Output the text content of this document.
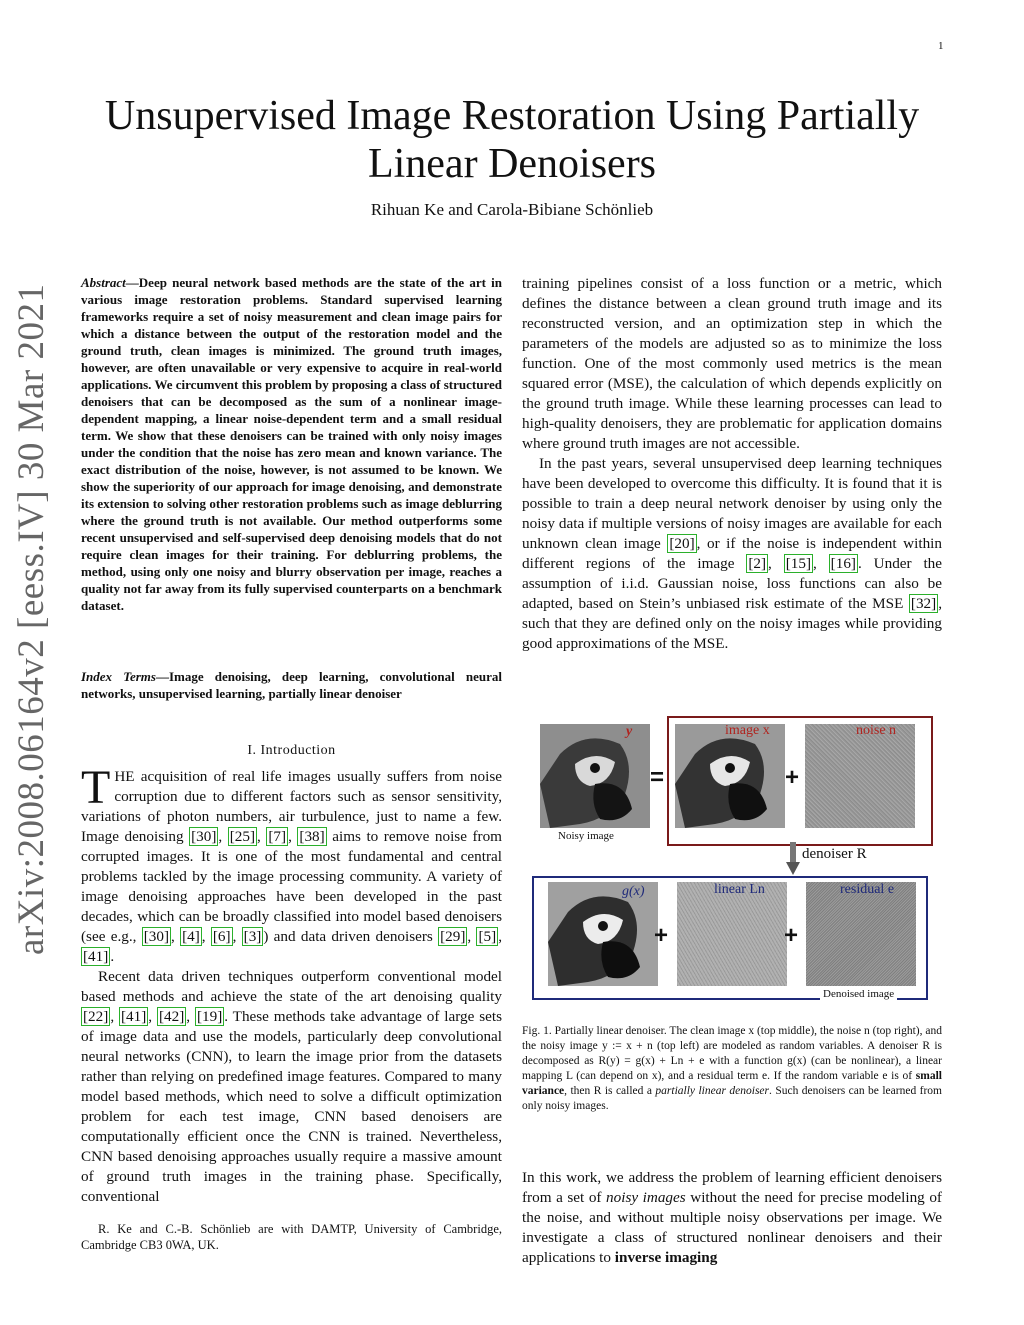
1
arXiv:2008.06164v2 [eess.IV] 30 Mar 2021
Unsupervised Image Restoration Using Partially Linear Denoisers
Rihuan Ke and Carola-Bibiane Schönlieb
Abstract—Deep neural network based methods are the state of the art in various image restoration problems. Standard supervised learning frameworks require a set of noisy measurement and clean image pairs for which a distance between the output of the restoration model and the ground truth, clean images is minimized. The ground truth images, however, are often unavailable or very expensive to acquire in real-world applications. We circumvent this problem by proposing a class of structured denoisers that can be decomposed as the sum of a nonlinear image-dependent mapping, a linear noise-dependent term and a small residual term. We show that these denoisers can be trained with only noisy images under the condition that the noise has zero mean and known variance. The exact distribution of the noise, however, is not assumed to be known. We show the superiority of our approach for image denoising, and demonstrate its extension to solving other restoration problems such as image deblurring where the ground truth is not available. Our method outperforms some recent unsupervised and self-supervised deep denoising models that do not require clean images for their training. For deblurring problems, the method, using only one noisy and blurry observation per image, reaches a quality not far away from its fully supervised counterparts on a benchmark dataset.
Index Terms—Image denoising, deep learning, convolutional neural networks, unsupervised learning, partially linear denoiser
I. Introduction

THE acquisition of real life images usually suffers from noise corruption due to different factors such as sensor sensitivity, variations of photon numbers, air turbulence, just to name a few. Image denoising [30] , [25] , [7] , [38] aims to remove noise from corrupted images. It is one of the most fundamental and central problems tackled by the image processing community. A variety of image denoising approaches have been developed in the past decades, which can be broadly classified into model based denoisers (see e.g., [30] , [4] , [6] , [3] ) and data driven denoisers [29] , [5] , [41] .

Recent data driven techniques outperform conventional model based methods and achieve the state of the art denoising quality [22] , [41] , [42] , [19] . These methods take advantage of large sets of image data and use the models, particularly deep convolutional neural networks (CNN), to learn the image prior from the datasets rather than relying on predefined image features. Compared to many model based methods, which need to solve a difficult optimization problem for each test image, CNN based denoisers are computationally efficient once the CNN is trained. Nevertheless, CNN based denoising approaches usually require a massive amount of ground truth images in the training phase. Specifically, conventional

R. Ke and C.-B. Schönlieb are with DAMTP, University of Cambridge, Cambridge CB3 0WA, UK.

training pipelines consist of a loss function or a metric, which defines the distance between a clean ground truth image and its reconstructed version, and an optimization step in which the parameters of the models are adjusted so as to minimize the loss function. One of the most commonly used metrics is the mean squared error (MSE), the calculation of which depends explicitly on the ground truth image. While these learning processes can lead to high-quality denoisers, they are problematic for application domains where ground truth images are not accessible.

In the past years, several unsupervised deep learning techniques have been developed to overcome this difficulty. It is found that it is possible to train a deep neural network denoiser by using only the noisy data if multiple versions of noisy images are available for each unknown clean image [20] , or if the noise is independent within different regions of the image [2] , [15] , [16] . Under the assumption of i.i.d. Gaussian noise, loss functions can also be adapted, based on Stein’s unbiased risk estimate of the MSE [32] , such that they are defined only on the noisy images while providing good approximations of the MSE.

y	image x	noise n
=	+
Noisy image
denoiser R
g(x)	linear Ln	residual e
+	+
Denoised image
Fig. 1. Partially linear denoiser. The clean image x (top middle), the noise n (top right), and the noisy image y := x + n (top left) are modeled as random variables. A denoiser R is decomposed as R(y) = g(x) + Ln + e with a function g(x) (can be nonlinear), a linear mapping L (can depend on x), and a residual term e. If the random variable e is of small variance, then R is called a partially linear denoiser. Such denoisers can be learned from only noisy images.

In this work, we address the problem of learning efficient denoisers from a set of noisy images without the need for precise modeling of the noise, and without multiple noisy observations per image. We investigate a class of structured nonlinear denoisers and their applications to inverse imaging
